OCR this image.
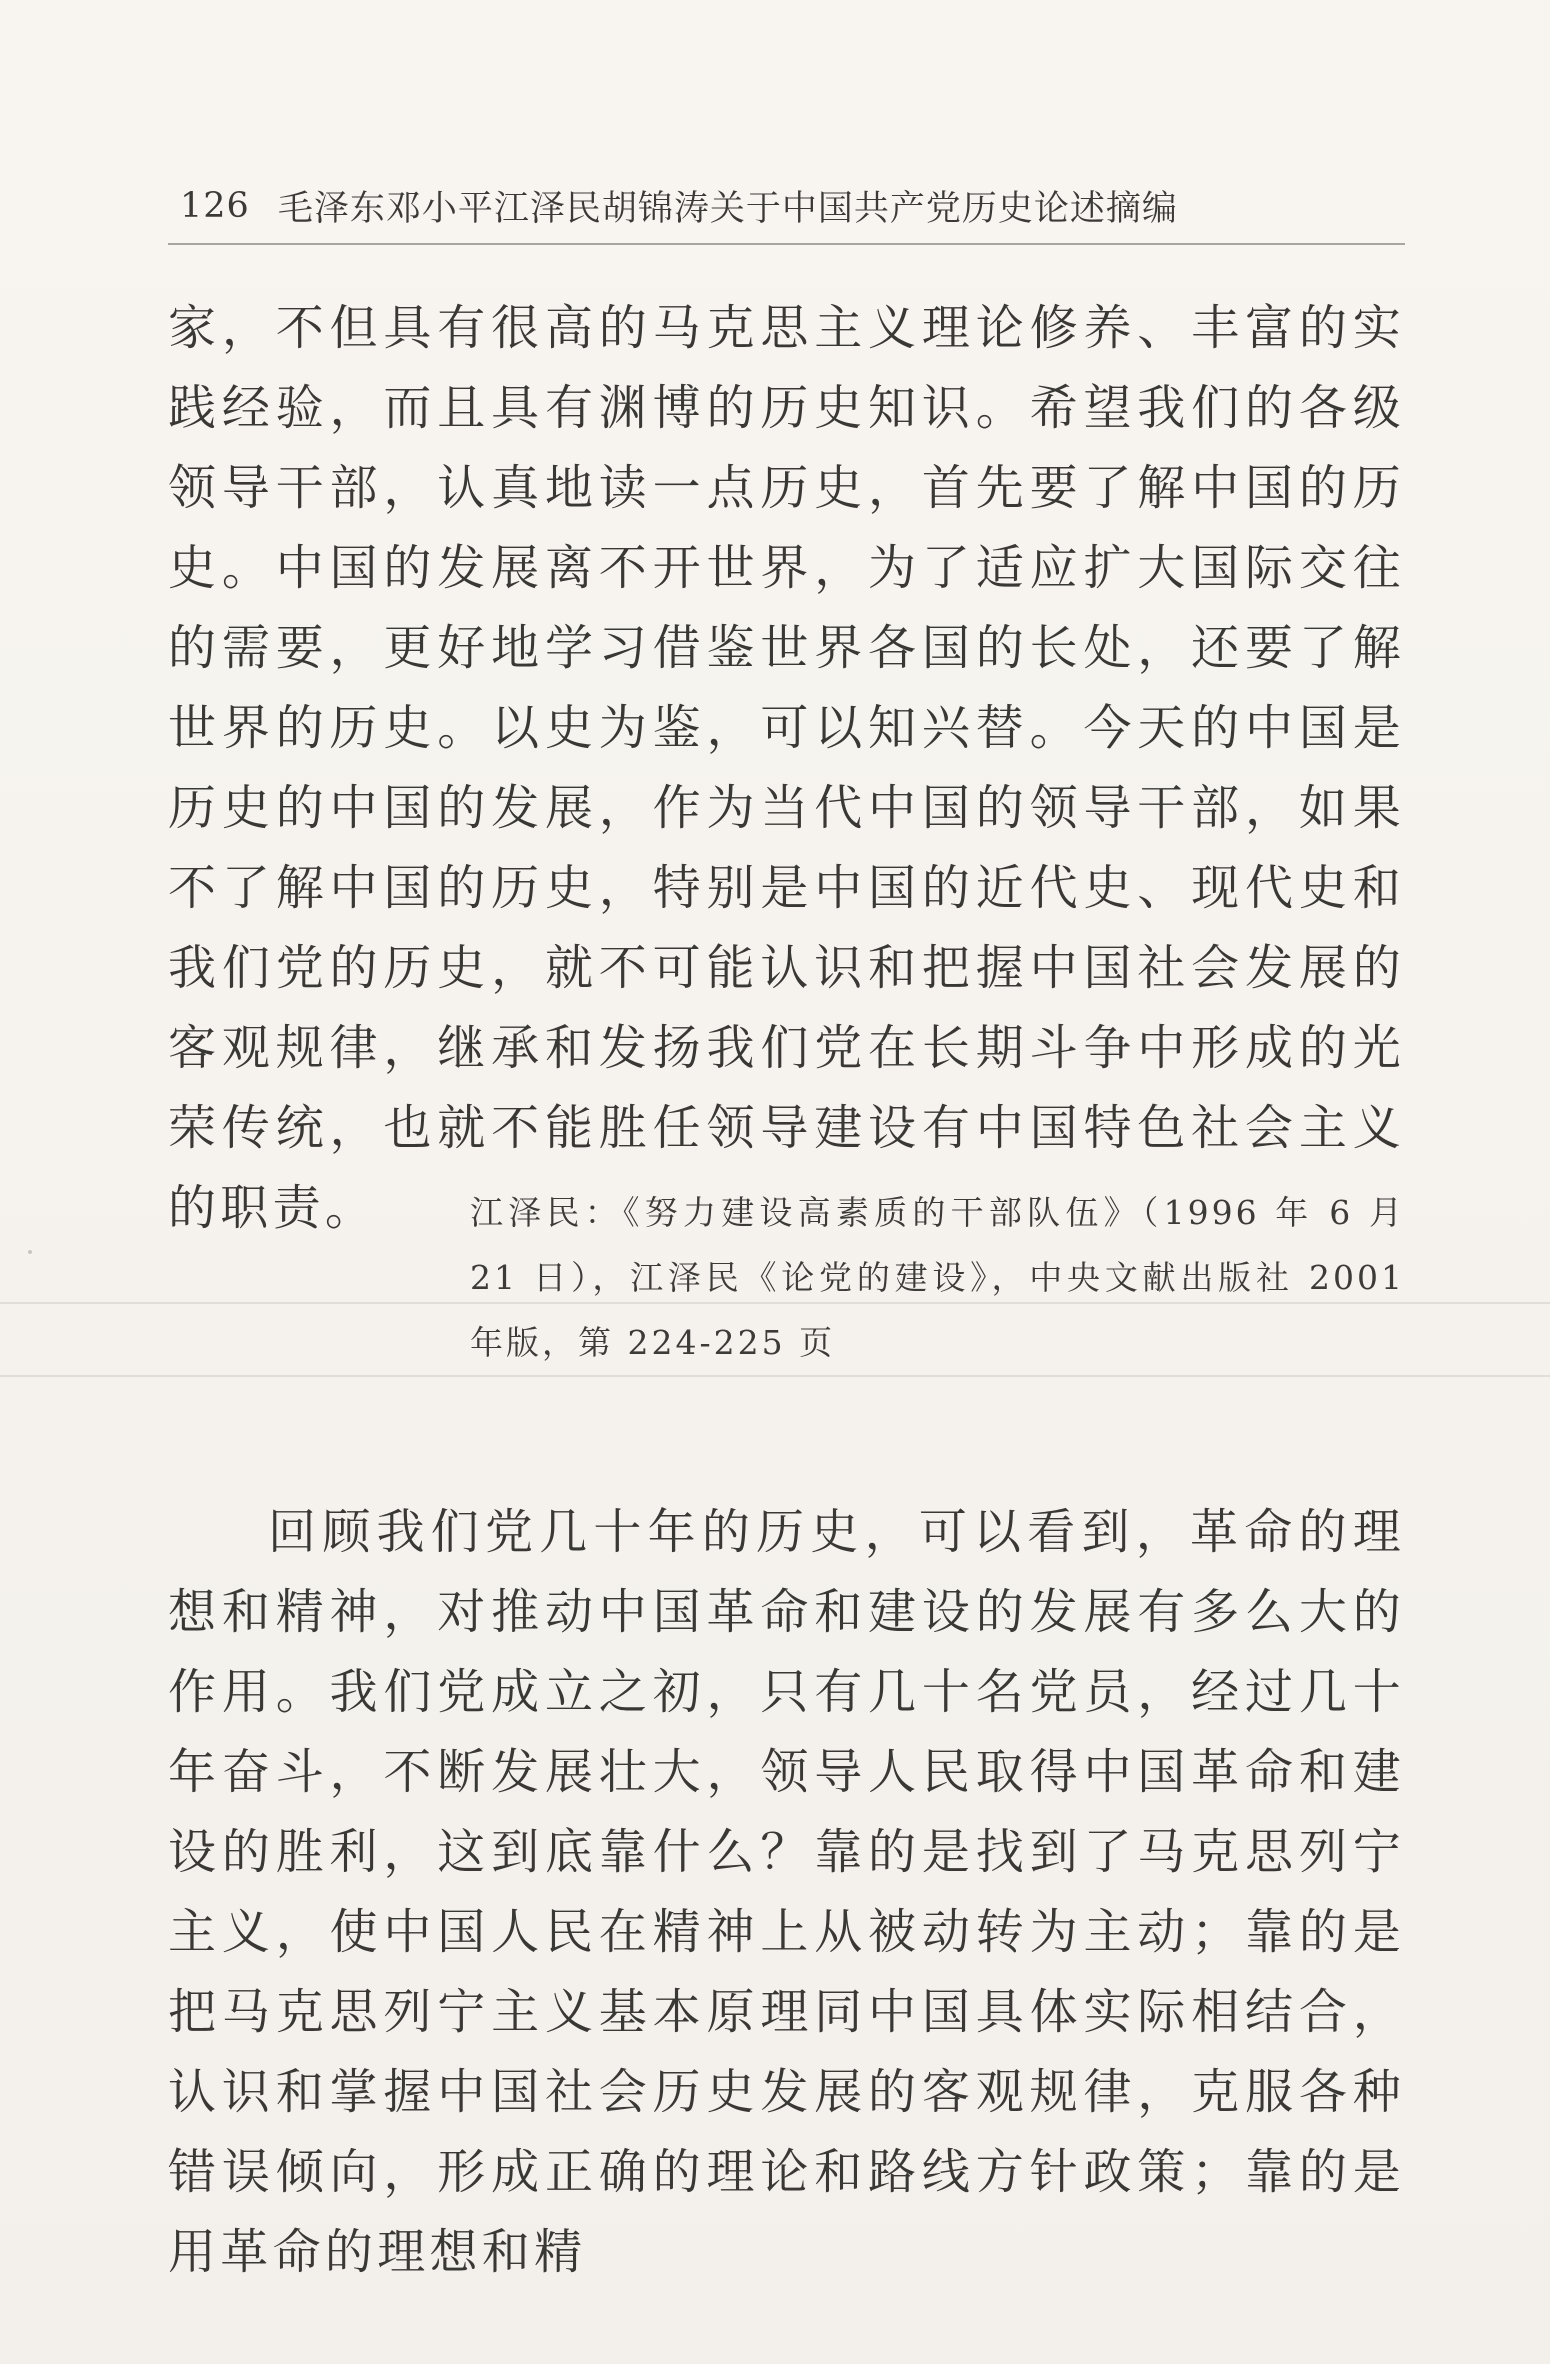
126 毛泽东邓小平江泽民胡锦涛关于中国共产党历史论述摘编

家，不但具有很高的马克思主义理论修养、丰富的实践经验，而且具有渊博的历史知识。希望我们的各级领导干部，认真地读一点历史，首先要了解中国的历史。中国的发展离不开世界，为了适应扩大国际交往的需要，更好地学习借鉴世界各国的长处，还要了解世界的历史。以史为鉴，可以知兴替。今天的中国是历史的中国的发展，作为当代中国的领导干部，如果不了解中国的历史，特别是中国的近代史、现代史和我们党的历史，就不可能认识和把握中国社会发展的客观规律，继承和发扬我们党在长期斗争中形成的光荣传统，也就不能胜任领导建设有中国特色社会主义的职责。	江泽民：《努力建设高素质的干部队伍》（1996 年 6 月 21 日），江泽民《论党的建设》，中央文献出版社 2001 年版，第 224-225 页

回顾我们党几十年的历史，可以看到，革命的理想和精神，对推动中国革命和建设的发展有多么大的作用。我们党成立之初，只有几十名党员，经过几十年奋斗，不断发展壮大，领导人民取得中国革命和建设的胜利，这到底靠什么？靠的是找到了马克思列宁主义，使中国人民在精神上从被动转为主动；靠的是把马克思列宁主义基本原理同中国具体实际相结合，认识和掌握中国社会历史发展的客观规律，克服各种错误倾向，形成正确的理论和路线方针政策；靠的是用革命的理想和精
